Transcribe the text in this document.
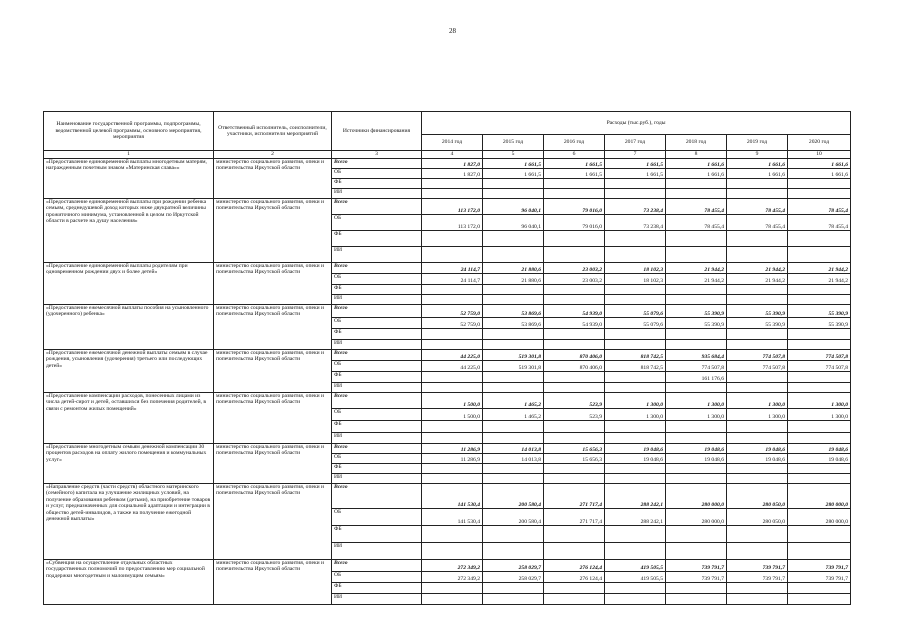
28
Наименование государственной программы, подпрограммы, ведомственной целевой программы, основного мероприятия, мероприятия	Ответственный исполнитель, соисполнители, участники, исполнители мероприятий	Источники финансирования	Расходы (тыс.руб.), годы						
			2014 год	2015 год	2016 год	2017 год	2018 год	2019 год	2020 год
1	2	3	4	5	6	7	8	9	10
«Предоставление единовременной выплаты многодетным матерям, награжденным почетным знаком «Материнская слава»»	министерство социального развития, опеки и попечительства Иркутской области	Всего	1 827,0	1 661,5	1 661,5	1 661,5	1 661,6	1 661,6	1 661,6
		ОБ	1 827,0	1 661,5	1 661,5	1 661,5	1 661,6	1 661,6	1 661,6
		ФБ							
		ИИ							
«Предоставление единовременной выплаты при рождении ребенка семьям, среднедушевой доход которых ниже двукратной величины прожиточного минимума, установленной в целом по Иркутской области в расчете на душу населения»	министерство социального развития, опеки и попечительства Иркутской области	Всего	113 172,0	96 040,1	79 016,0	73 238,4	78 455,4	78 455,4	78 455,4
		ОБ	113 172,0	96 040,1	79 016,0	73 238,4	78 455,4	78 455,4	78 455,4
		ФБ							
		ИИ							
«Предоставление единовременной выплаты родителям при одновременном рождении двух и более детей»	министерство социального развития, опеки и попечительства Иркутской области	Всего	24 114,7	21 880,6	23 003,2	18 102,3	21 944,2	21 944,2	21 944,2
		ОБ	24 114,7	21 880,6	23 003,2	18 102,3	21 944,2	21 944,2	21 944,2
		ФБ							
		ИИ							
«Предоставление ежемесячной выплаты пособия на усыновленного (удочеренного) ребенка»	министерство социального развития, опеки и попечительства Иркутской области	Всего	52 759,0	53 869,6	54 939,0	55 079,6	55 390,9	55 390,9	55 390,9
		ОБ	52 759,0	53 869,6	54 939,0	55 079,6	55 390,9	55 390,9	55 390,9
		ФБ							
		ИИ							
«Предоставление ежемесячной денежной выплаты семьям в случае рождения, усыновления (удочерения) третьего или последующих детей»	министерство социального развития, опеки и попечительства Иркутской области	Всего	44 225,0	519 301,8	870 406,0	818 742,5	935 684,4	774 507,8	774 507,8
		ОБ	44 225,0	519 301,8	870 406,0	818 742,5	774 507,8	774 507,8	774 507,8
		ФБ					161 176,6		
		ИИ							
«Предоставление компенсации расходов, понесенных лицами из числа детей-сирот и детей, оставшихся без попечения родителей, в связи с ремонтом жилых помещений»	министерство социального развития, опеки и попечительства Иркутской области	Всего	1 500,0	1 465,2	523,9	1 300,0	1 300,0	1 300,0	1 300,0
		ОБ	1 500,0	1 465,2	523,9	1 300,0	1 300,0	1 300,0	1 300,0
		ФБ							
		ИИ							
«Предоставление многодетным семьям денежной компенсации 30 процентов расходов на оплату жилого помещения и коммунальных услуг»	министерство социального развития, опеки и попечительства Иркутской области	Всего	11 286,9	14 013,8	15 656,3	19 048,6	19 048,6	19 048,6	19 048,6
		ОБ	11 286,9	14 013,8	15 656,3	19 048,6	19 048,6	19 048,6	19 048,6
		ФБ							
		ИИ							
«Направление средств (части средств) областного материнского (семейного) капитала на улучшение жилищных условий, на получение образования ребенком (детьми), на приобретение товаров и услуг, предназначенных для социальной адаптации и интеграции в общество детей-инвалидов, а также на получение ежегодной денежной выплаты»	министерство социального развития, опеки и попечительства Иркутской области	Всего	141 530,4	200 580,4	271 717,4	288 242,1	280 000,0	280 050,0	280 000,0
		ОБ	141 530,4	200 580,4	271 717,4	288 242,1	280 000,0	280 050,0	280 000,0
		ФБ							
		ИИ							
«Субвенция на осуществление отдельных областных государственных полномочий по предоставлению мер социальной поддержки многодетным и малоимущим семьям»	министерство социального развития, опеки и попечительства Иркутской области	Всего	272 349,2	258 029,7	276 124,4	419 505,5	739 791,7	739 791,7	739 791,7
		ОБ	272 349,2	258 029,7	276 124,4	419 505,5	739 791,7	739 791,7	739 791,7
		ФБ							
		ИИ							
